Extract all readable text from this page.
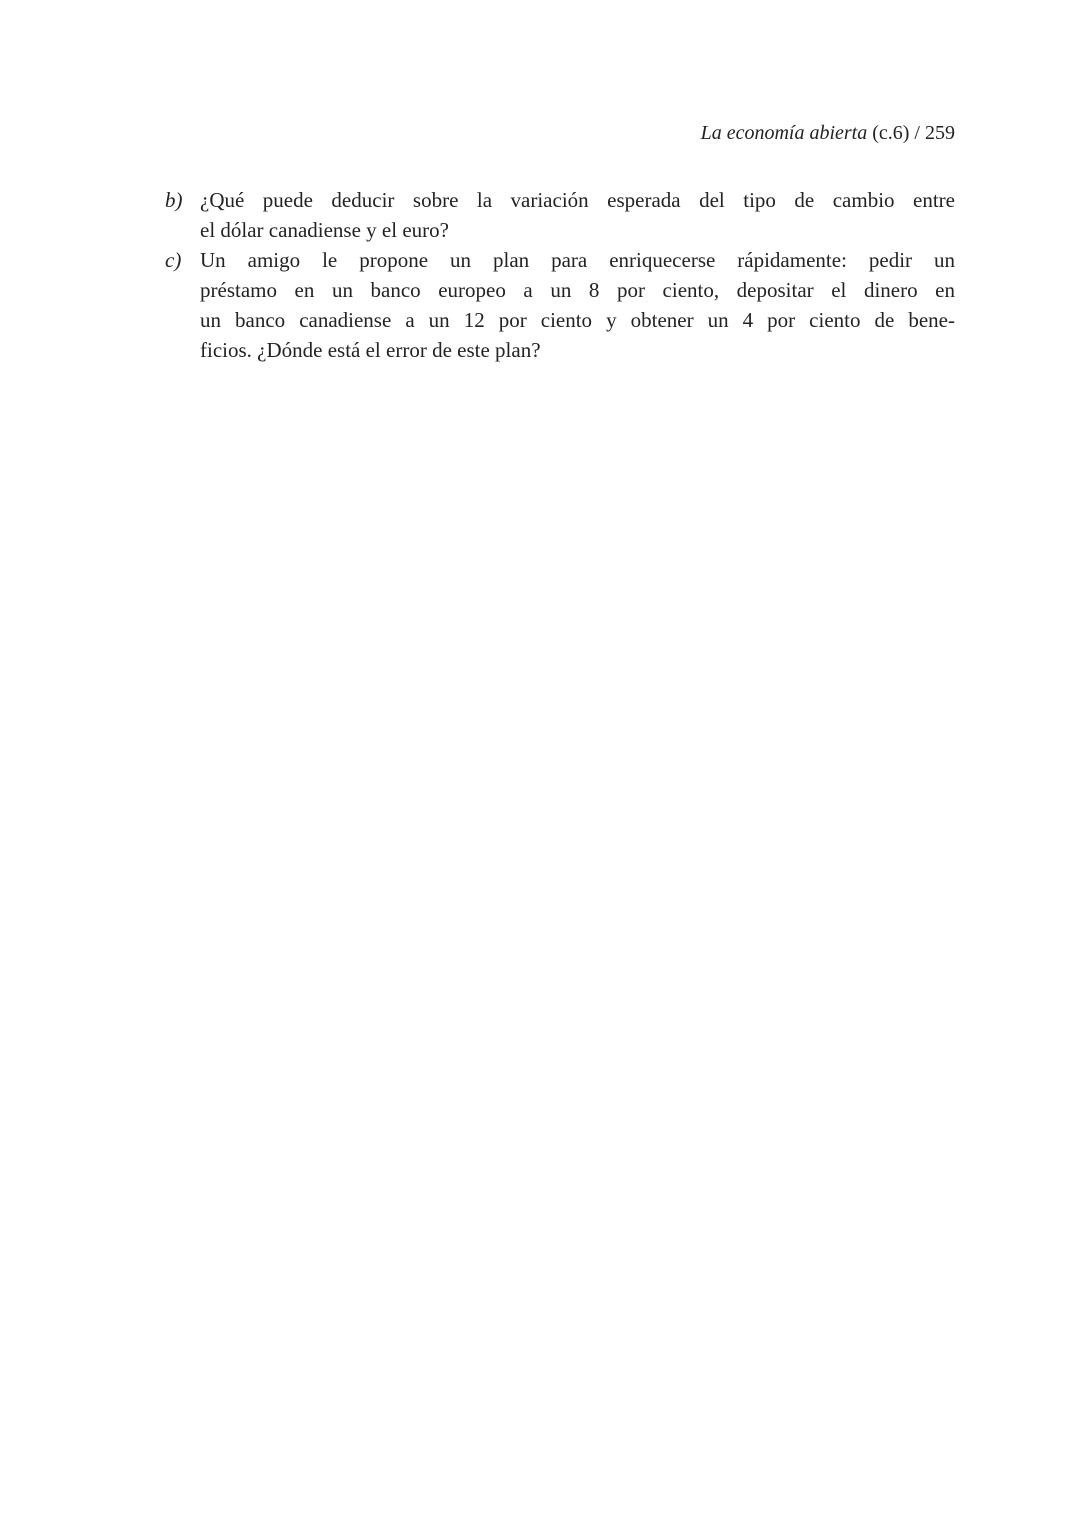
La economía abierta (c.6) / 259
b) ¿Qué puede deducir sobre la variación esperada del tipo de cambio entre
el dólar canadiense y el euro?
c) Un amigo le propone un plan para enriquecerse rápidamente: pedir un
préstamo en un banco europeo a un 8 por ciento, depositar el dinero en
un banco canadiense a un 12 por ciento y obtener un 4 por ciento de bene-
ficios. ¿Dónde está el error de este plan?
